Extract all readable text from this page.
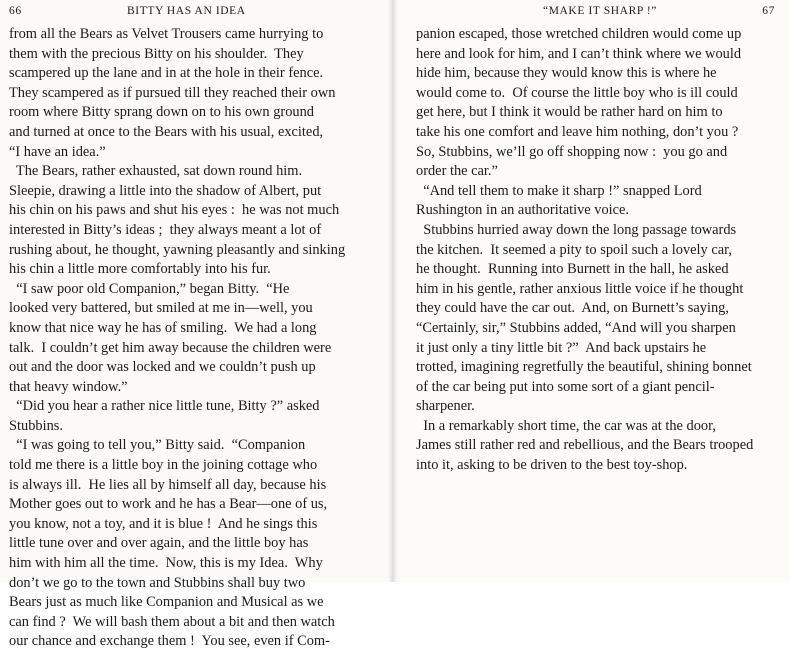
66	BITTY HAS AN IDEA
from all the Bears as Velvet Trousers came hurrying to
them with the precious Bitty on his shoulder.  They
scampered up the lane and in at the hole in their fence.
They scampered as if pursued till they reached their own
room where Bitty sprang down on to his own ground
and turned at once to the Bears with his usual, excited,
“I have an idea.”
The Bears, rather exhausted, sat down round him.
Sleepie, drawing a little into the shadow of Albert, put
his chin on his paws and shut his eyes :  he was not much
interested in Bitty’s ideas ;  they always meant a lot of
rushing about, he thought, yawning pleasantly and sinking
his chin a little more comfortably into his fur.
“I saw poor old Companion,” began Bitty.  “He
looked very battered, but smiled at me in—well, you
know that nice way he has of smiling.  We had a long
talk.  I couldn’t get him away because the children were
out and the door was locked and we couldn’t push up
that heavy window.”
“Did you hear a rather nice little tune, Bitty ?” asked
Stubbins.
“I was going to tell you,” Bitty said.  “Companion
told me there is a little boy in the joining cottage who
is always ill.  He lies all by himself all day, because his
Mother goes out to work and he has a Bear—one of us,
you know, not a toy, and it is blue !  And he sings this
little tune over and over again, and the little boy has
him with him all the time.  Now, this is my Idea.  Why
don’t we go to the town and Stubbins shall buy two
Bears just as much like Companion and Musical as we
can find ?  We will bash them about a bit and then watch
our chance and exchange them !  You see, even if Com-
“MAKE IT SHARP !”	67
panion escaped, those wretched children would come up
here and look for him, and I can’t think where we would
hide him, because they would know this is where he
would come to.  Of course the little boy who is ill could
get here, but I think it would be rather hard on him to
take his one comfort and leave him nothing, don’t you ?
So, Stubbins, we’ll go off shopping now :  you go and
order the car.”
“And tell them to make it sharp !” snapped Lord
Rushington in an authoritative voice.
Stubbins hurried away down the long passage towards
the kitchen.  It seemed a pity to spoil such a lovely car,
he thought.  Running into Burnett in the hall, he asked
him in his gentle, rather anxious little voice if he thought
they could have the car out.  And, on Burnett’s saying,
“Certainly, sir,” Stubbins added, “And will you sharpen
it just only a tiny little bit ?”  And back upstairs he
trotted, imagining regretfully the beautiful, shining bonnet
of the car being put into some sort of a giant pencil-
sharpener.
In a remarkably short time, the car was at the door,
James still rather red and rebellious, and the Bears trooped
into it, asking to be driven to the best toy-shop.
